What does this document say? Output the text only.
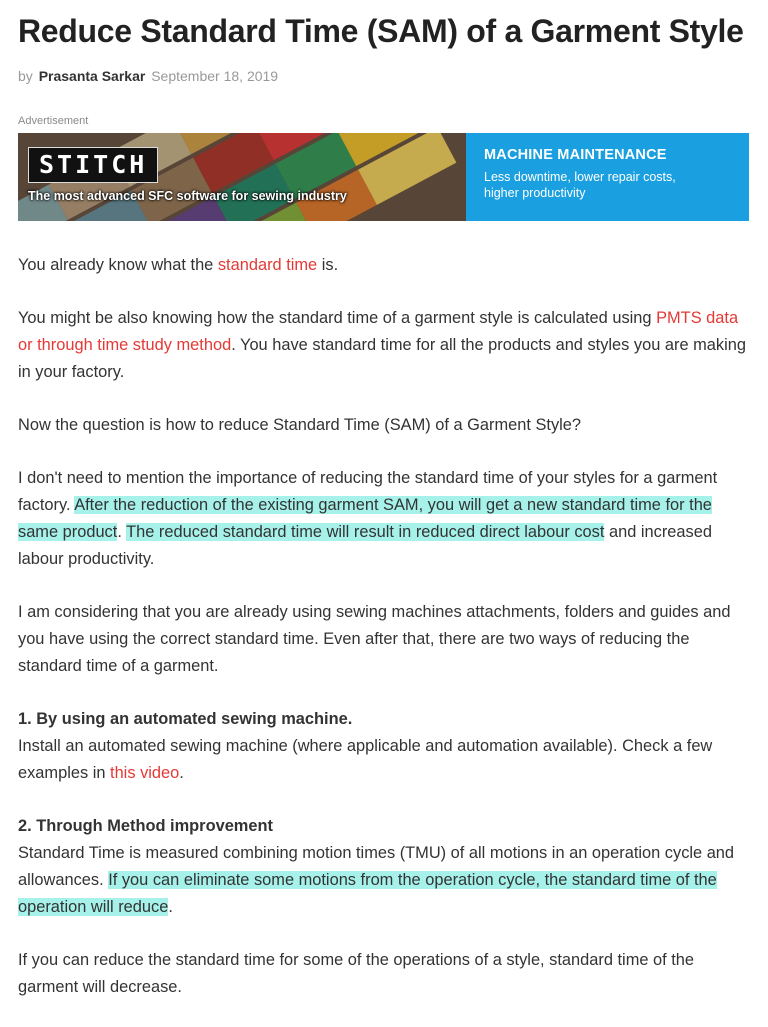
Reduce Standard Time (SAM) of a Garment Style
by Prasanta Sarkar September 18, 2019
Advertisement
STITCH
The most advanced SFC software for sewing industry
MACHINE MAINTENANCE
Less downtime, lower repair costs,
higher productivity

You already know what the standard time is.

You might be also knowing how the standard time of a garment style is calculated using PMTS data or through time study method. You have standard time for all the products and styles you are making in your factory.

Now the question is how to reduce Standard Time (SAM) of a Garment Style?

I don't need to mention the importance of reducing the standard time of your styles for a garment factory. After the reduction of the existing garment SAM, you will get a new standard time for the same product. The reduced standard time will result in reduced direct labour cost and increased labour productivity.

I am considering that you are already using sewing machines attachments, folders and guides and you have using the correct standard time. Even after that, there are two ways of reducing the standard time of a garment.

1. By using an automated sewing machine.
Install an automated sewing machine (where applicable and automation available). Check a few examples in this video.

2. Through Method improvement
Standard Time is measured combining motion times (TMU) of all motions in an operation cycle and allowances. If you can eliminate some motions from the operation cycle, the standard time of the operation will reduce.

If you can reduce the standard time for some of the operations of a style, standard time of the garment will decrease.
